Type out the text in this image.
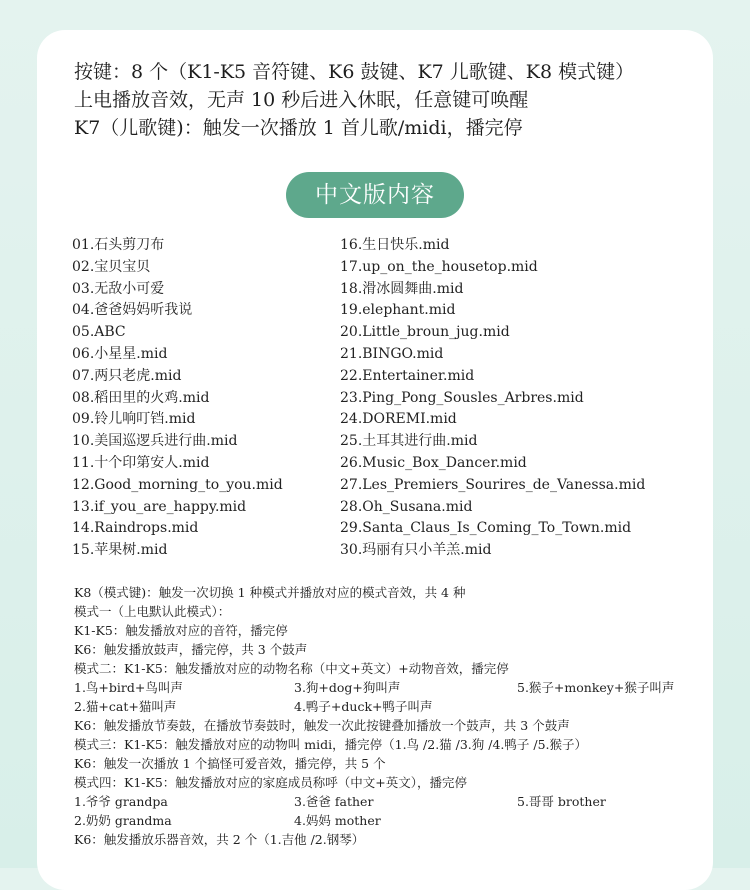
按键：8 个（K1-K5 音符键、K6 鼓键、K7 儿歌键、K8 模式键）
上电播放音效，无声 10 秒后进入休眠，任意键可唤醒
K7（儿歌键)：触发一次播放 1 首儿歌/midi，播完停
中文版内容
01.石头剪刀布
02.宝贝宝贝
03.无敌小可爱
04.爸爸妈妈听我说
05.ABC
06.小星星.mid
07.两只老虎.mid
08.稻田里的火鸡.mid
09.铃儿响叮铛.mid
10.美国巡逻兵进行曲.mid
11.十个印第安人.mid
12.Good_morning_to_you.mid
13.if_you_are_happy.mid
14.Raindrops.mid
15.苹果树.mid
16.生日快乐.mid
17.up_on_the_housetop.mid
18.滑冰圆舞曲.mid
19.elephant.mid
20.Little_broun_jug.mid
21.BINGO.mid
22.Entertainer.mid
23.Ping_Pong_Sousles_Arbres.mid
24.DOREMI.mid
25.土耳其进行曲.mid
26.Music_Box_Dancer.mid
27.Les_Premiers_Sourires_de_Vanessa.mid
28.Oh_Susana.mid
29.Santa_Claus_Is_Coming_To_Town.mid
30.玛丽有只小羊羔.mid
K8（模式键)：触发一次切换 1 种模式并播放对应的模式音效，共 4 种
模式一（上电默认此模式）：
K1-K5：触发播放对应的音符，播完停
K6：触发播放鼓声，播完停，共 3 个鼓声
模式二：K1-K5：触发播放对应的动物名称（中文+英文）+动物音效，播完停
1.鸟+bird+鸟叫声	3.狗+dog+狗叫声	5.猴子+monkey+猴子叫声
2.猫+cat+猫叫声	4.鸭子+duck+鸭子叫声
K6：触发播放节奏鼓，在播放节奏鼓时，触发一次此按键叠加播放一个鼓声，共 3 个鼓声
模式三：K1-K5：触发播放对应的动物叫 midi，播完停（1.鸟 /2.猫 /3.狗 /4.鸭子 /5.猴子）
K6：触发一次播放 1 个搞怪可爱音效，播完停，共 5 个
模式四：K1-K5：触发播放对应的家庭成员称呼（中文+英文），播完停
1.爷爷 grandpa	3.爸爸 father	5.哥哥 brother
2.奶奶 grandma	4.妈妈 mother
K6：触发播放乐器音效，共 2 个（1.吉他 /2.钢琴）
